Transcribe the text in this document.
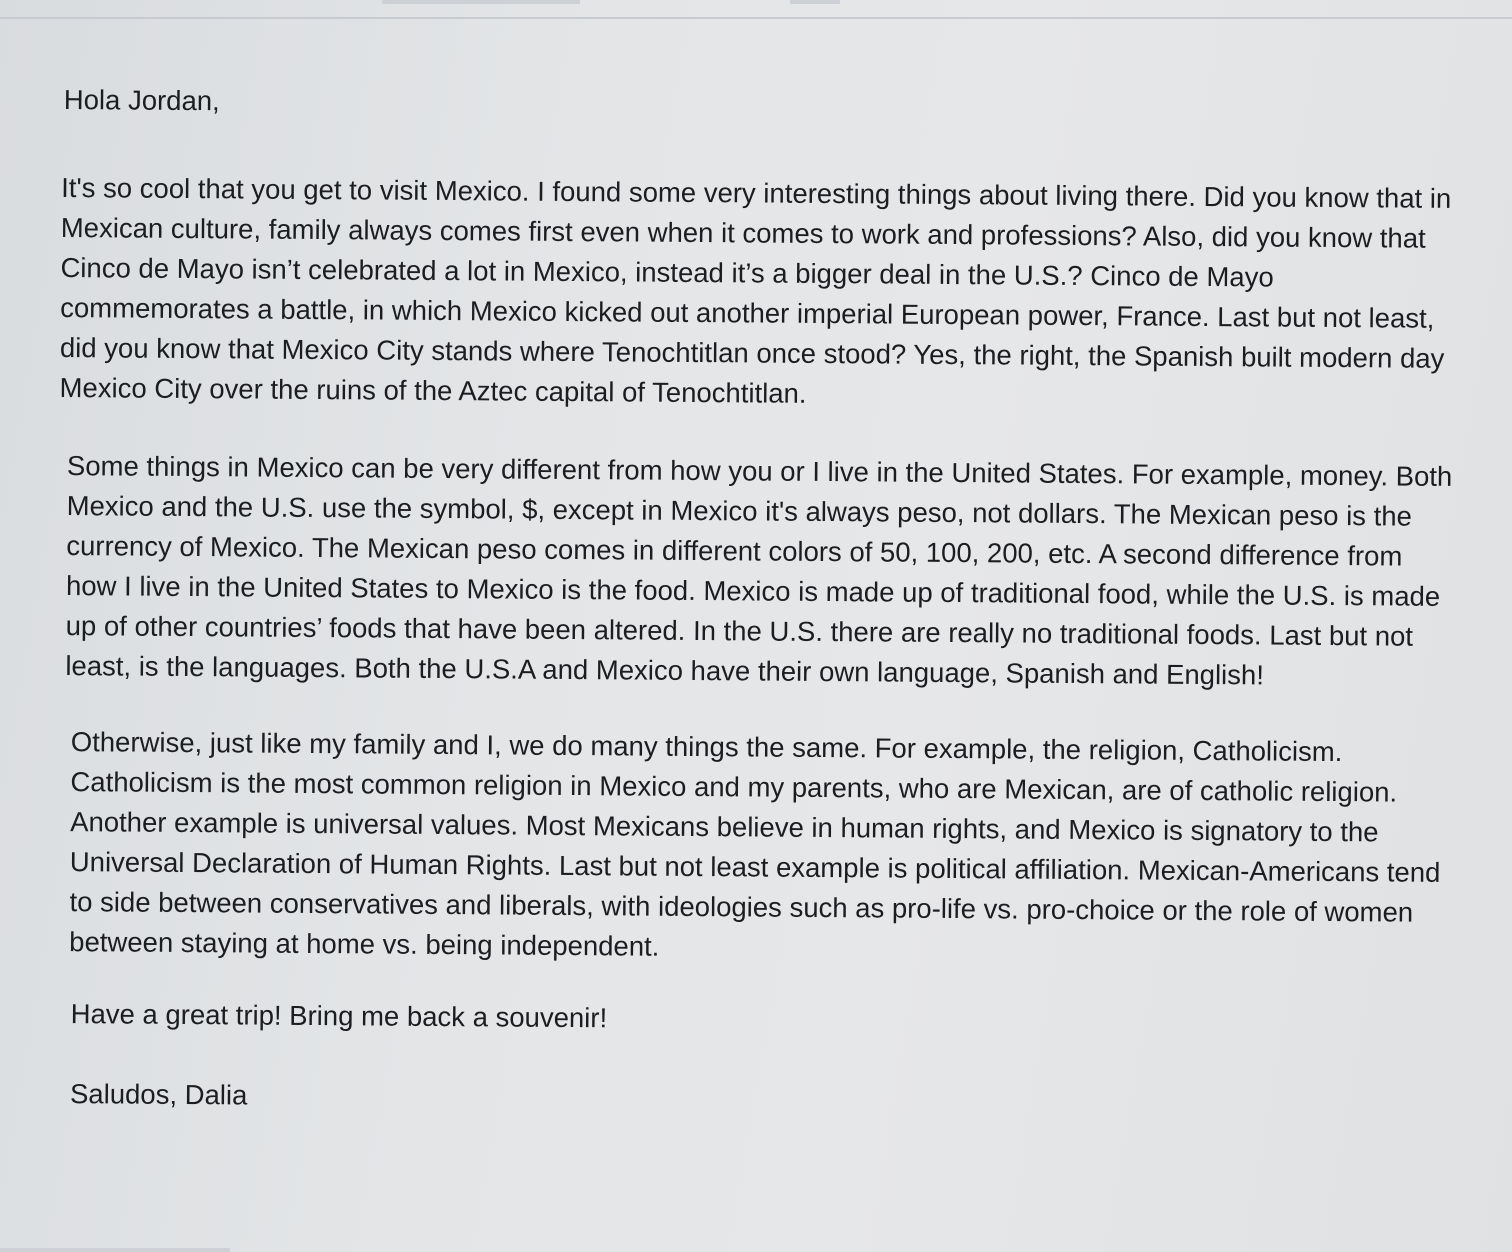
Hola Jordan,
It's so cool that you get to visit Mexico. I found some very interesting things about living there. Did you know that in Mexican culture, family always comes first even when it comes to work and professions? Also, did you know that Cinco de Mayo isn’t celebrated a lot in Mexico, instead it’s a bigger deal in the U.S.? Cinco de Mayo commemorates a battle, in which Mexico kicked out another imperial European power, France. Last but not least, did you know that Mexico City stands where Tenochtitlan once stood? Yes, the right, the Spanish built modern day Mexico City over the ruins of the Aztec capital of Tenochtitlan.
Some things in Mexico can be very different from how you or I live in the United States. For example, money. Both Mexico and the U.S. use the symbol, $, except in Mexico it's always peso, not dollars. The Mexican peso is the currency of Mexico. The Mexican peso comes in different colors of 50, 100, 200, etc. A second difference from how I live in the United States to Mexico is the food. Mexico is made up of traditional food, while the U.S. is made up of other countries’ foods that have been altered. In the U.S. there are really no traditional foods. Last but not least, is the languages. Both the U.S.A and Mexico have their own language, Spanish and English!
Otherwise, just like my family and I, we do many things the same. For example, the religion, Catholicism. Catholicism is the most common religion in Mexico and my parents, who are Mexican, are of catholic religion. Another example is universal values. Most Mexicans believe in human rights, and Mexico is signatory to the Universal Declaration of Human Rights. Last but not least example is political affiliation. Mexican-Americans tend to side between conservatives and liberals, with ideologies such as pro-life vs. pro-choice or the role of women between staying at home vs. being independent.
Have a great trip! Bring me back a souvenir!
Saludos, Dalia
